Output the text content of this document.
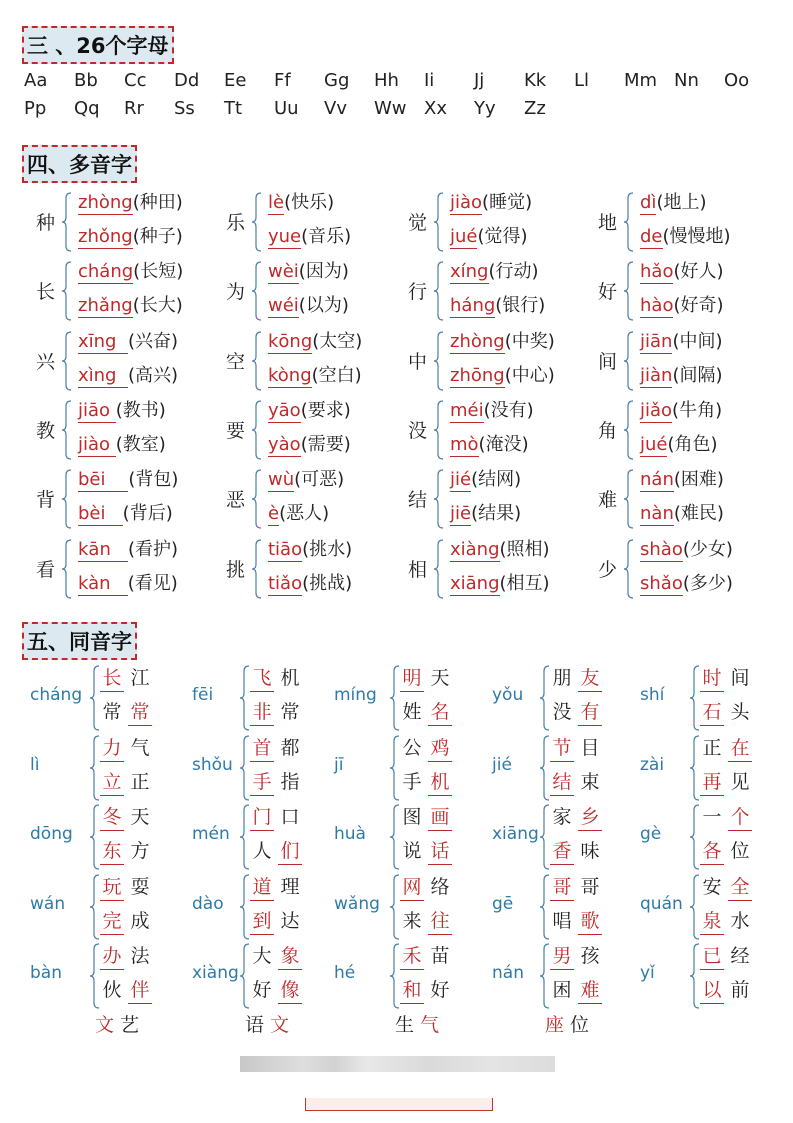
三 、26个字母
Aa Bb Cc Dd Ee Ff Gg Hh Ii Jj Kk Ll Mm Nn Oo
Pp Qq Rr Ss Tt Uu Vv Ww Xx Yy Zz
四、多音字
种
zhòng(种田)
zhǒng(种子)
乐
lè(快乐)
yue(音乐)
觉
jiào(睡觉)
jué(觉得)
地
dì(地上)
de(慢慢地)
长
cháng(长短)
zhǎng(长大)
为
wèi(因为)
wéi(以为)
行
xíng(行动)
háng(银行)
好
hǎo(好人)
hào(好奇)
兴
xīng  (兴奋)
xìng  (高兴)
空
kōng(太空)
kòng(空白)
中
zhòng(中奖)
zhōng(中心)
间
jiān(中间)
jiàn(间隔)
教
jiāo (教书)
jiào (教室)
要
yāo(要求)
yào(需要)
没
méi(没有)
mò(淹没)
角
jiǎo(牛角)
jué(角色)
背
bēi    (背包)
bèi   (背后)
恶
wù(可恶)
è(恶人)
结
jié(结网)
jiē(结果)
难
nán(困难)
nàn(难民)
看
kān   (看护)
kàn   (看见)
挑
tiāo(挑水)
tiǎo(挑战)
相
xiàng(照相)
xiāng(相互)
少
shào(少女)
shǎo(多少)
五、同音字
cháng
长 江
常 常
fēi
飞 机
非 常
míng
明 天
姓 名
yǒu
朋 友
没 有
shí
时 间
石 头
lì
力 气
立 正
shǒu
首 都
手 指
jī
公 鸡
手 机
jié
节 目
结 束
zài
正 在
再 见
dōng
冬 天
东 方
mén
门 口
人 们
huà
图 画
说 话
xiāng
家 乡
香 味
gè
一 个
各 位
wán
玩 耍
完 成
dào
道 理
到 达
wǎng
网 络
来 往
gē
哥 哥
唱 歌
quán
安 全
泉 水
bàn
办 法
伙 伴
xiàng
大 象
好 像
hé
禾 苗
和 好
nán
男 孩
困 难
yǐ
已 经
以 前
文 艺	语 文	生 气	座 位
